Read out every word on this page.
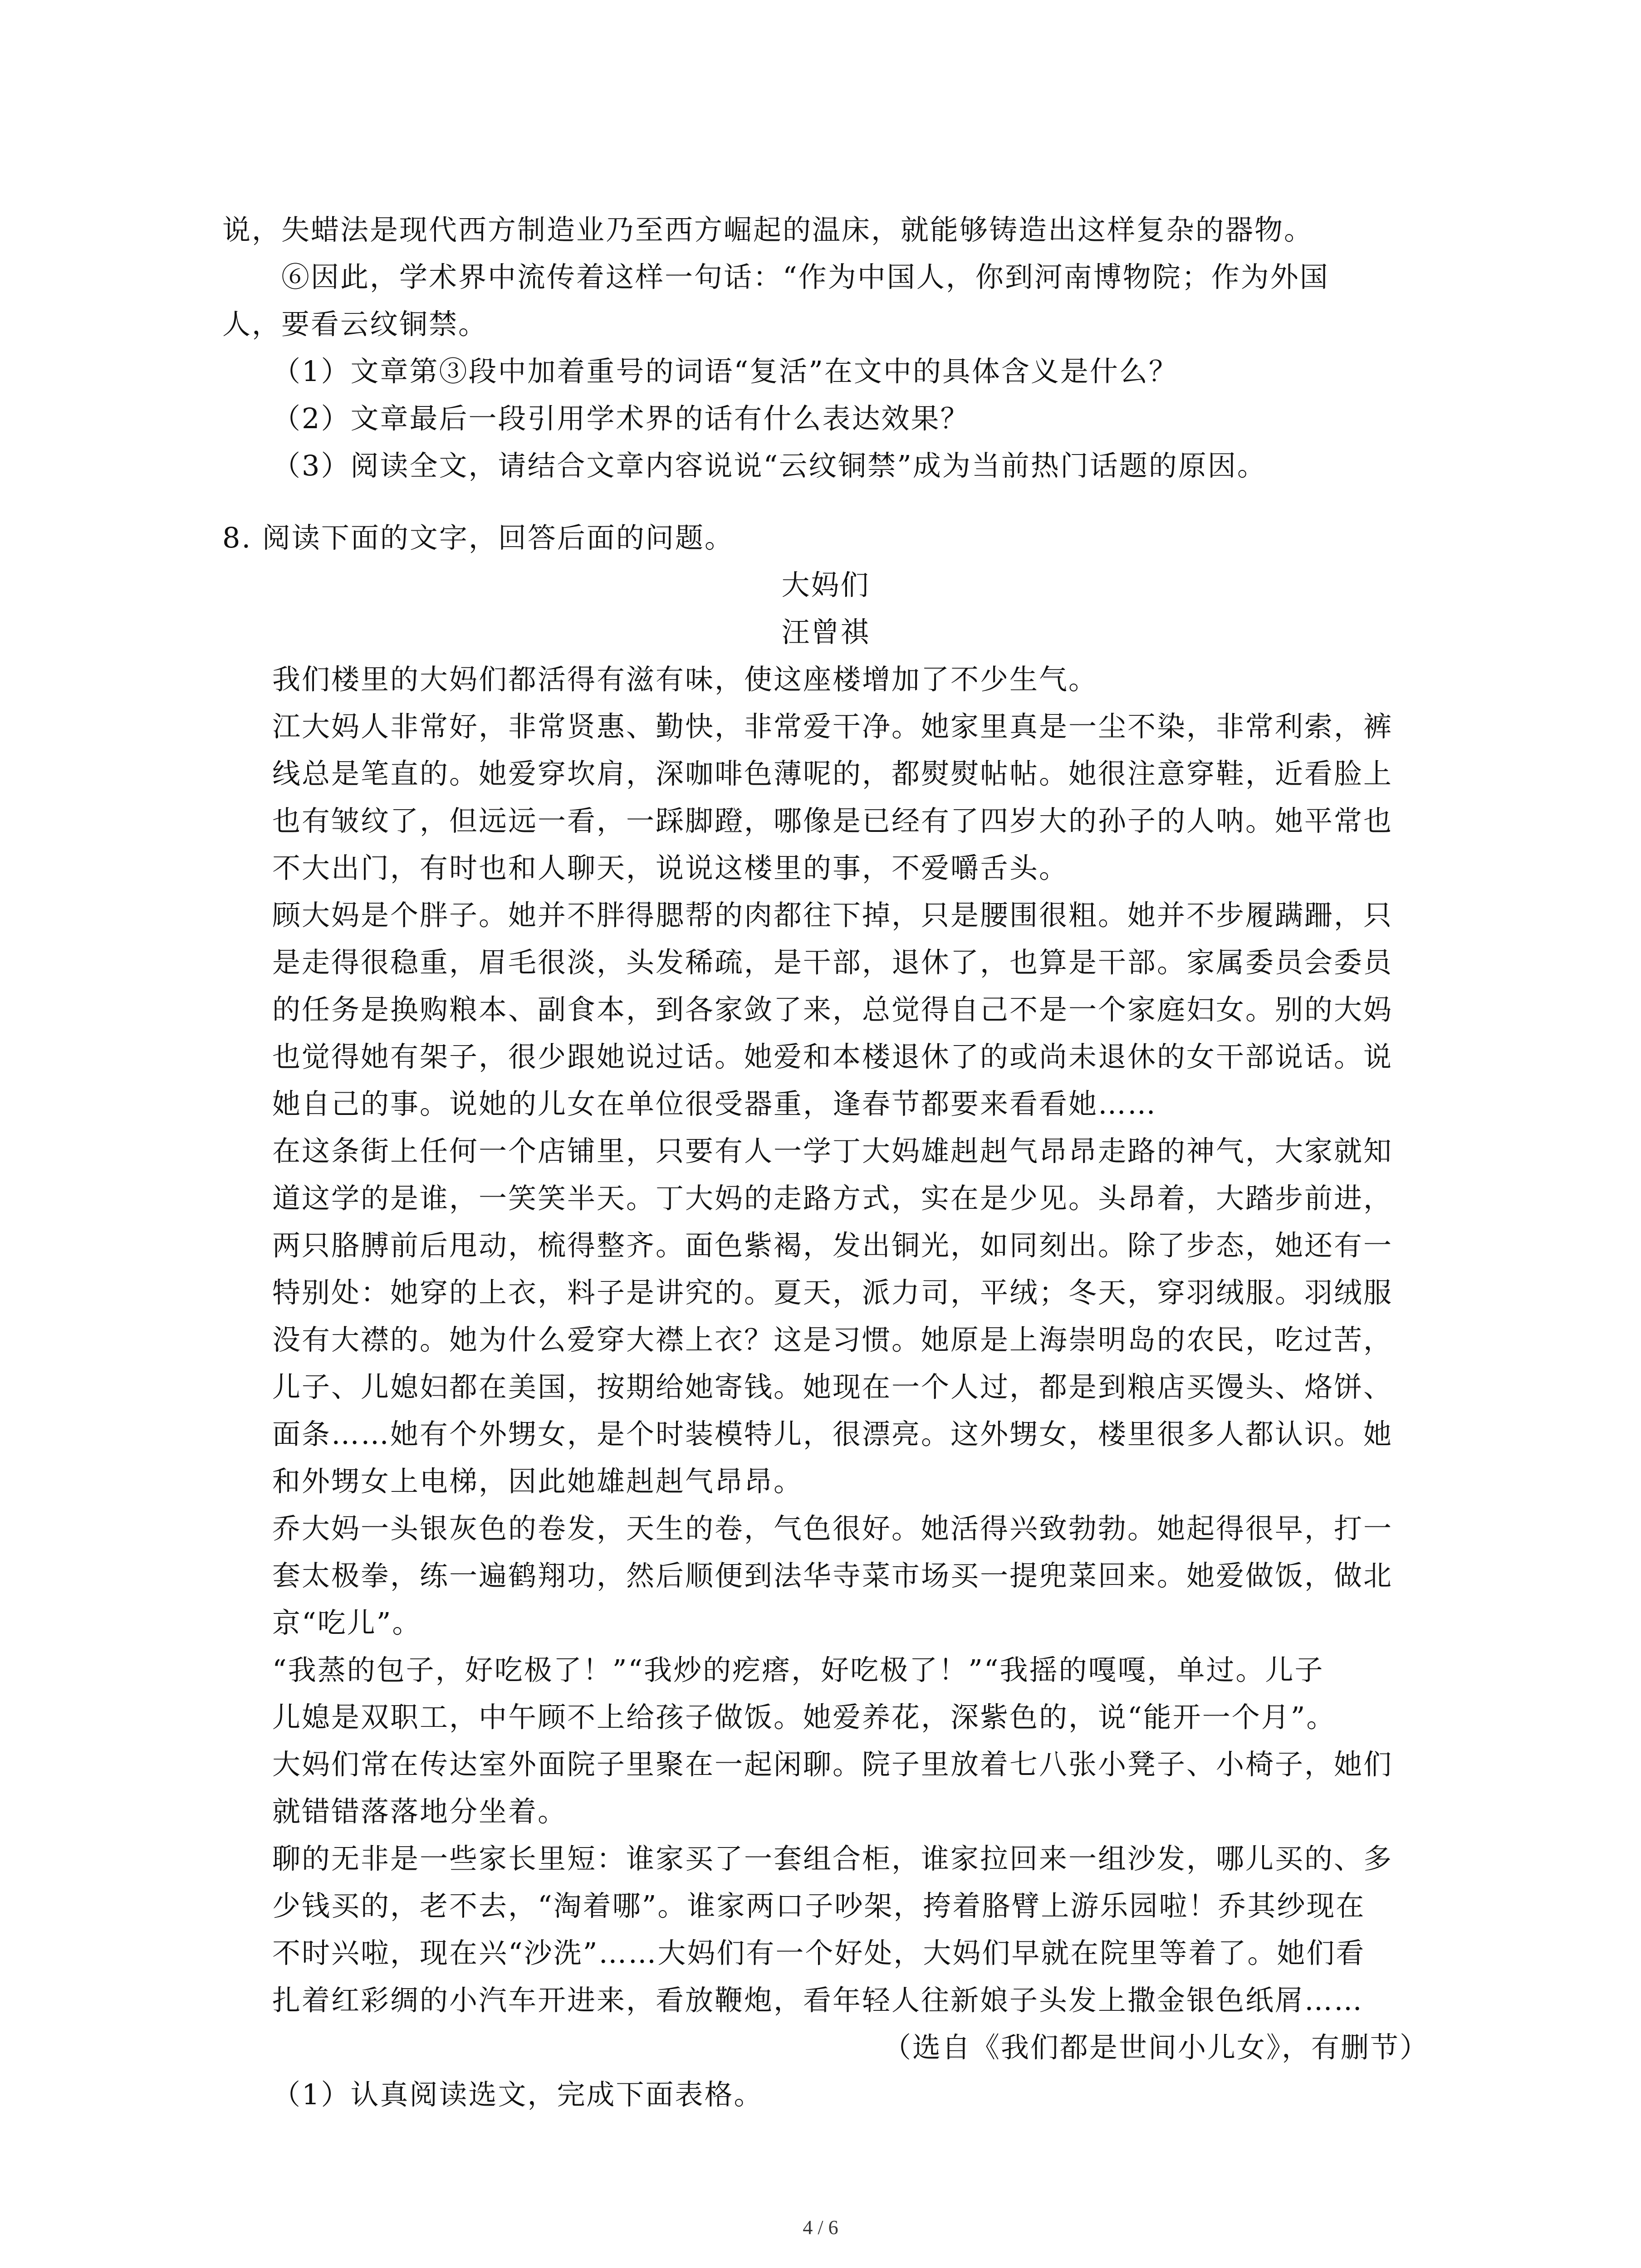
说，失蜡法是现代西方制造业乃至西方崛起的温床，就能够铸造出这样复杂的器物。

⑥因此，学术界中流传着这样一句话：“作为中国人，你到河南博物院；作为外国

人，要看云纹铜禁。

（1）文章第③段中加着重号的词语“复活”在文中的具体含义是什么？

（2）文章最后一段引用学术界的话有什么表达效果？

（3）阅读全文，请结合文章内容说说“云纹铜禁”成为当前热门话题的原因。

8. 阅读下面的文字，回答后面的问题。

大妈们

汪曾祺

我们楼里的大妈们都活得有滋有味，使这座楼增加了不少生气。

江大妈人非常好，非常贤惠、勤快，非常爱干净。她家里真是一尘不染，非常利索，裤

线总是笔直的。她爱穿坎肩，深咖啡色薄呢的，都熨熨帖帖。她很注意穿鞋，近看脸上

也有皱纹了，但远远一看，一踩脚蹬，哪像是已经有了四岁大的孙子的人呐。她平常也

不大出门，有时也和人聊天，说说这楼里的事，不爱嚼舌头。

顾大妈是个胖子。她并不胖得腮帮的肉都往下掉，只是腰围很粗。她并不步履蹒跚，只

是走得很稳重，眉毛很淡，头发稀疏，是干部，退休了，也算是干部。家属委员会委员

的任务是换购粮本、副食本，到各家敛了来，总觉得自己不是一个家庭妇女。别的大妈

也觉得她有架子，很少跟她说过话。她爱和本楼退休了的或尚未退休的女干部说话。说

她自己的事。说她的儿女在单位很受器重，逢春节都要来看看她……

在这条街上任何一个店铺里，只要有人一学丁大妈雄赳赳气昂昂走路的神气，大家就知

道这学的是谁，一笑笑半天。丁大妈的走路方式，实在是少见。头昂着，大踏步前进，

两只胳膊前后甩动，梳得整齐。面色紫褐，发出铜光，如同刻出。除了步态，她还有一

特别处：她穿的上衣，料子是讲究的。夏天，派力司，平绒；冬天，穿羽绒服。羽绒服

没有大襟的。她为什么爱穿大襟上衣？这是习惯。她原是上海崇明岛的农民，吃过苦，

儿子、儿媳妇都在美国，按期给她寄钱。她现在一个人过，都是到粮店买馒头、烙饼、

面条……她有个外甥女，是个时装模特儿，很漂亮。这外甥女，楼里很多人都认识。她

和外甥女上电梯，因此她雄赳赳气昂昂。

乔大妈一头银灰色的卷发，天生的卷，气色很好。她活得兴致勃勃。她起得很早，打一

套太极拳，练一遍鹤翔功，然后顺便到法华寺菜市场买一提兜菜回来。她爱做饭，做北

京“吃儿”。

“我蒸的包子，好吃极了！”“我炒的疙瘩，好吃极了！”“我摇的嘎嘎，单过。儿子

儿媳是双职工，中午顾不上给孩子做饭。她爱养花，深紫色的，说“能开一个月”。

大妈们常在传达室外面院子里聚在一起闲聊。院子里放着七八张小凳子、小椅子，她们

就错错落落地分坐着。

聊的无非是一些家长里短：谁家买了一套组合柜，谁家拉回来一组沙发，哪儿买的、多

少钱买的，老不去，“淘着哪”。谁家两口子吵架，挎着胳臂上游乐园啦！乔其纱现在

不时兴啦，现在兴“沙洗”……大妈们有一个好处，大妈们早就在院里等着了。她们看

扎着红彩绸的小汽车开进来，看放鞭炮，看年轻人往新娘子头发上撒金银色纸屑……

（选自《我们都是世间小儿女》，有删节）

（1）认真阅读选文，完成下面表格。

4 / 6
